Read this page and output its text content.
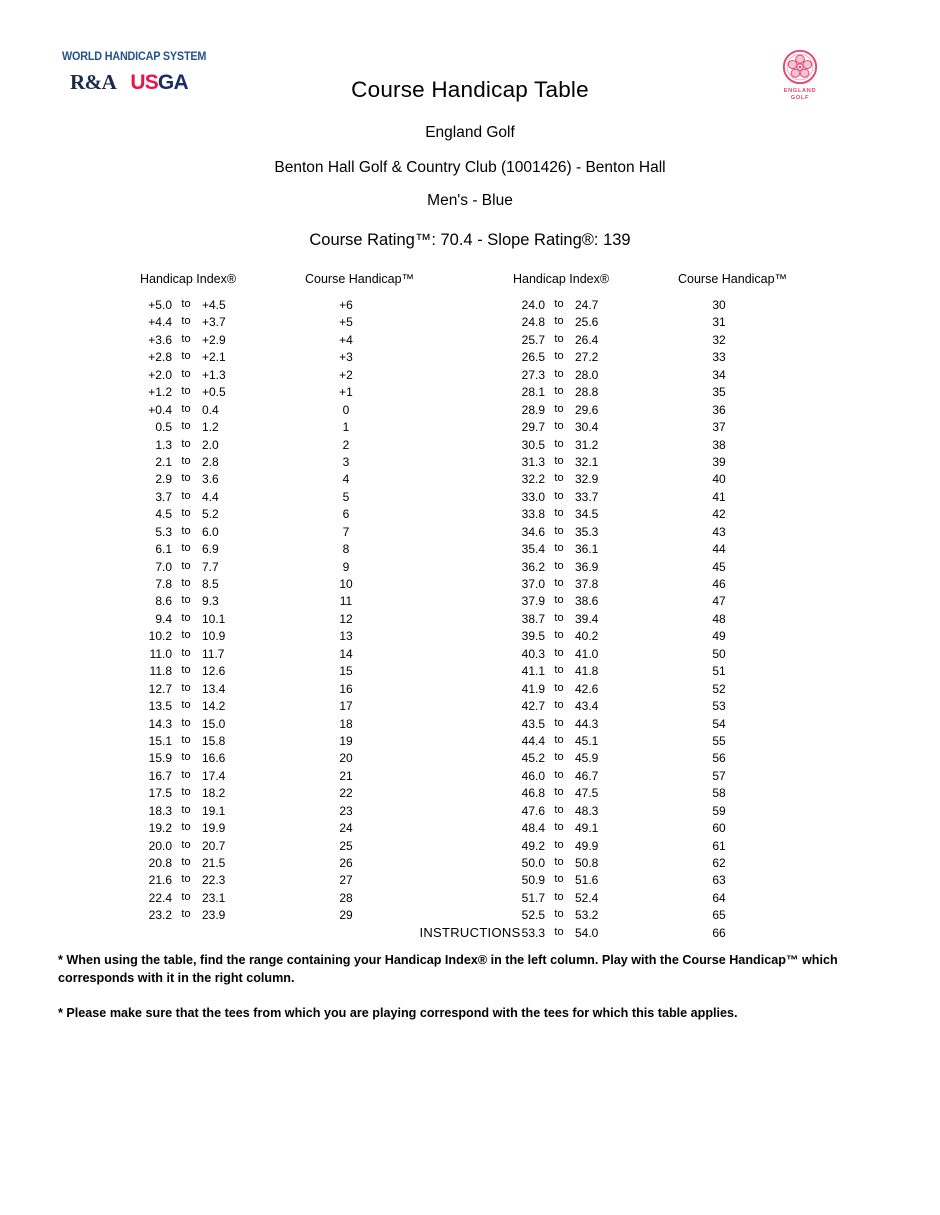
WORLD HANDICAP SYSTEM
R&A USGA	Course Handicap Table	ENGLAND
GOLF
England Golf
Benton Hall Golf & Country Club (1001426) - Benton Hall
Men's - Blue
Course Rating™: 70.4 - Slope Rating®: 139
Handicap Index®	Course Handicap™
+5.0 to +4.5	+6
+4.4 to +3.7	+5
+3.6 to +2.9	+4
+2.8 to +2.1	+3
+2.0 to +1.3	+2
+1.2 to +0.5	+1
+0.4 to 0.4	0
0.5 to 1.2	1
1.3 to 2.0	2
2.1 to 2.8	3
2.9 to 3.6	4
3.7 to 4.4	5
4.5 to 5.2	6
5.3 to 6.0	7
6.1 to 6.9	8
7.0 to 7.7	9
7.8 to 8.5	10
8.6 to 9.3	11
9.4 to 10.1	12
10.2 to 10.9	13
11.0 to 11.7	14
11.8 to 12.6	15
12.7 to 13.4	16
13.5 to 14.2	17
14.3 to 15.0	18
15.1 to 15.8	19
15.9 to 16.6	20
16.7 to 17.4	21
17.5 to 18.2	22
18.3 to 19.1	23
19.2 to 19.9	24
20.0 to 20.7	25
20.8 to 21.5	26
21.6 to 22.3	27
22.4 to 23.1	28
23.2 to 23.9	29
Handicap Index®	Course Handicap™
24.0 to 24.7	30
24.8 to 25.6	31
25.7 to 26.4	32
26.5 to 27.2	33
27.3 to 28.0	34
28.1 to 28.8	35
28.9 to 29.6	36
29.7 to 30.4	37
30.5 to 31.2	38
31.3 to 32.1	39
32.2 to 32.9	40
33.0 to 33.7	41
33.8 to 34.5	42
34.6 to 35.3	43
35.4 to 36.1	44
36.2 to 36.9	45
37.0 to 37.8	46
37.9 to 38.6	47
38.7 to 39.4	48
39.5 to 40.2	49
40.3 to 41.0	50
41.1 to 41.8	51
41.9 to 42.6	52
42.7 to 43.4	53
43.5 to 44.3	54
44.4 to 45.1	55
45.2 to 45.9	56
46.0 to 46.7	57
46.8 to 47.5	58
47.6 to 48.3	59
48.4 to 49.1	60
49.2 to 49.9	61
50.0 to 50.8	62
50.9 to 51.6	63
51.7 to 52.4	64
52.5 to 53.2	65
53.3 to 54.0	66
INSTRUCTIONS

* When using the table, find the range containing your Handicap Index® in the left column. Play with the Course Handicap™ which corresponds with it in the right column.

* Please make sure that the tees from which you are playing correspond with the tees for which this table applies.
